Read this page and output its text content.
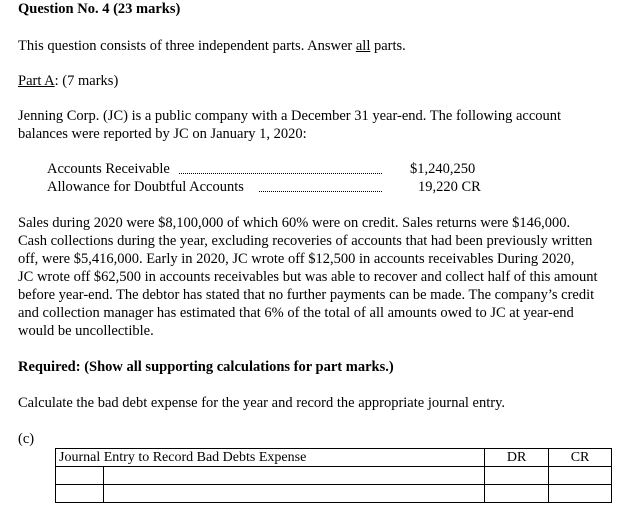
Question No. 4 (23 marks)
This question consists of three independent parts. Answer all parts.
Part A: (7 marks)
Jenning Corp. (JC) is a public company with a December 31 year-end. The following account
balances were reported by JC on January 1, 2020:
Accounts Receivable	$1,240,250
Allowance for Doubtful Accounts	19,220 CR
Sales during 2020 were $8,100,000 of which 60% were on credit. Sales returns were $146,000.
Cash collections during the year, excluding recoveries of accounts that had been previously written
off, were $5,416,000. Early in 2020, JC wrote off $12,500 in accounts receivables During 2020,
JC wrote off $62,500 in accounts receivables but was able to recover and collect half of this amount
before year-end. The debtor has stated that no further payments can be made. The company’s credit
and collection manager has estimated that 6% of the total of all amounts owed to JC at year-end
would be uncollectible.
Required: (Show all supporting calculations for part marks.)
Calculate the bad debt expense for the year and record the appropriate journal entry.
(c)
Journal Entry to Record Bad Debts Expense		DR	CR
